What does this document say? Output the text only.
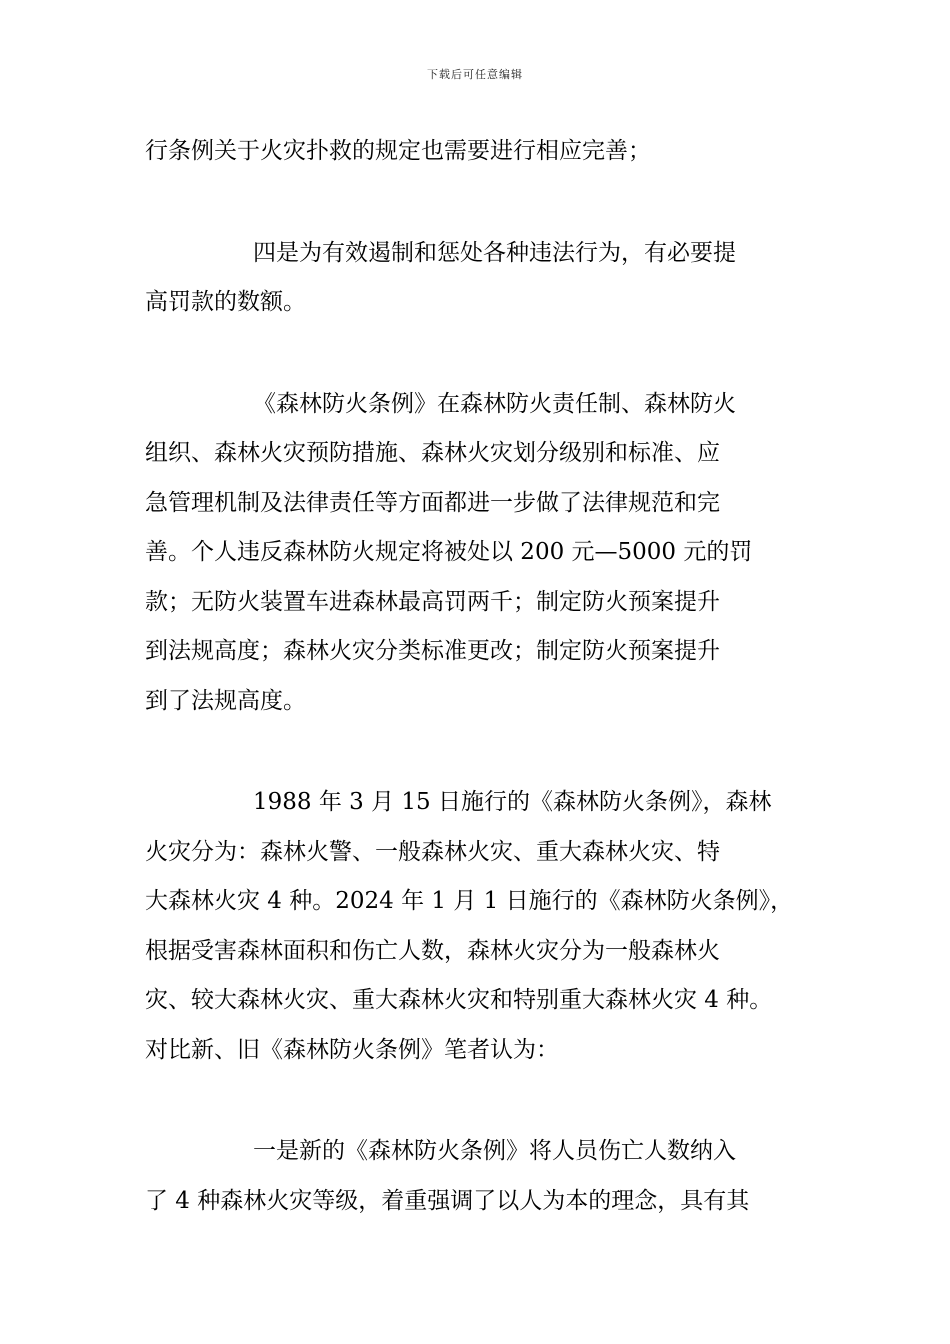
下载后可任意编辑
行条例关于火灾扑救的规定也需要进行相应完善；
四是为有效遏制和惩处各种违法行为，有必要提
高罚款的数额。
《森林防火条例》在森林防火责任制、森林防火
组织、森林火灾预防措施、森林火灾划分级别和标准、应
急管理机制及法律责任等方面都进一步做了法律规范和完
善。个人违反森林防火规定将被处以 200 元—5000 元的罚
款；无防火装置车进森林最高罚两千；制定防火预案提升
到法规高度；森林火灾分类标准更改；制定防火预案提升
到了法规高度。
1988 年 3 月 15 日施行的《森林防火条例》，森林
火灾分为：森林火警、一般森林火灾、重大森林火灾、特
大森林火灾 4 种。2024 年 1 月 1 日施行的《森林防火条例》，
根据受害森林面积和伤亡人数，森林火灾分为一般森林火
灾、较大森林火灾、重大森林火灾和特别重大森林火灾 4 种。
对比新、旧《森林防火条例》笔者认为：
一是新的《森林防火条例》将人员伤亡人数纳入
了 4 种森林火灾等级，着重强调了以人为本的理念，具有其
